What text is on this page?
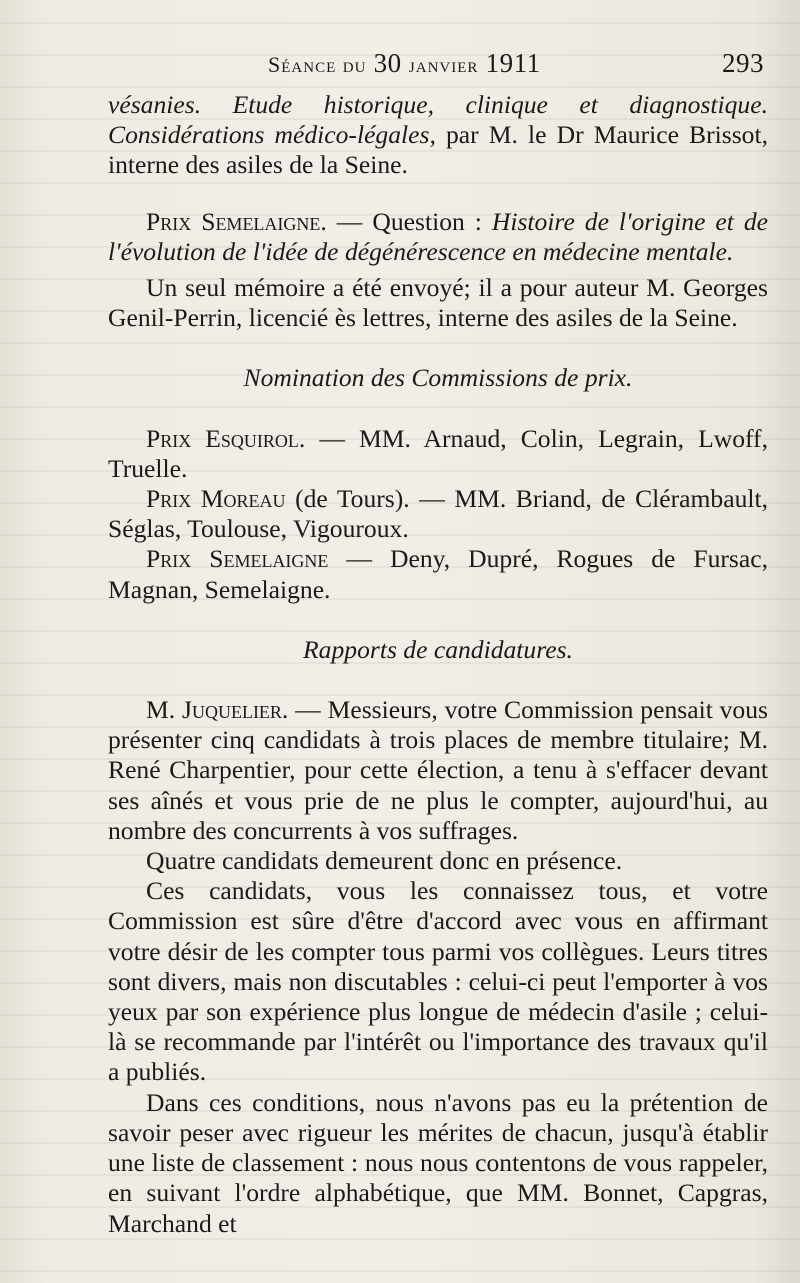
Séance du 30 janvier 1911	293

vésanies. Etude historique, clinique et diagnostique. Considérations médico-légales, par M. le Dr Maurice Brissot, interne des asiles de la Seine.

Prix Semelaigne. — Question : Histoire de l'origine et de l'évolution de l'idée de dégénérescence en médecine mentale.

Un seul mémoire a été envoyé; il a pour auteur M. Georges Genil-Perrin, licencié ès lettres, interne des asiles de la Seine.

Nomination des Commissions de prix.

Prix Esquirol. — MM. Arnaud, Colin, Legrain, Lwoff, Truelle.

Prix Moreau (de Tours). — MM. Briand, de Clérambault, Séglas, Toulouse, Vigouroux.

Prix Semelaigne — Deny, Dupré, Rogues de Fursac, Magnan, Semelaigne.

Rapports de candidatures.

M. Juquelier. — Messieurs, votre Commission pensait vous présenter cinq candidats à trois places de membre titulaire; M. René Charpentier, pour cette élection, a tenu à s'effacer devant ses aînés et vous prie de ne plus le compter, aujourd'hui, au nombre des concurrents à vos suffrages.

Quatre candidats demeurent donc en présence.

Ces candidats, vous les connaissez tous, et votre Commission est sûre d'être d'accord avec vous en affirmant votre désir de les compter tous parmi vos collègues. Leurs titres sont divers, mais non discutables : celui-ci peut l'emporter à vos yeux par son expérience plus longue de médecin d'asile ; celui-là se recommande par l'intérêt ou l'importance des travaux qu'il a publiés.

Dans ces conditions, nous n'avons pas eu la prétention de savoir peser avec rigueur les mérites de chacun, jusqu'à établir une liste de classement : nous nous contentons de vous rappeler, en suivant l'ordre alphabétique, que MM. Bonnet, Capgras, Marchand et
